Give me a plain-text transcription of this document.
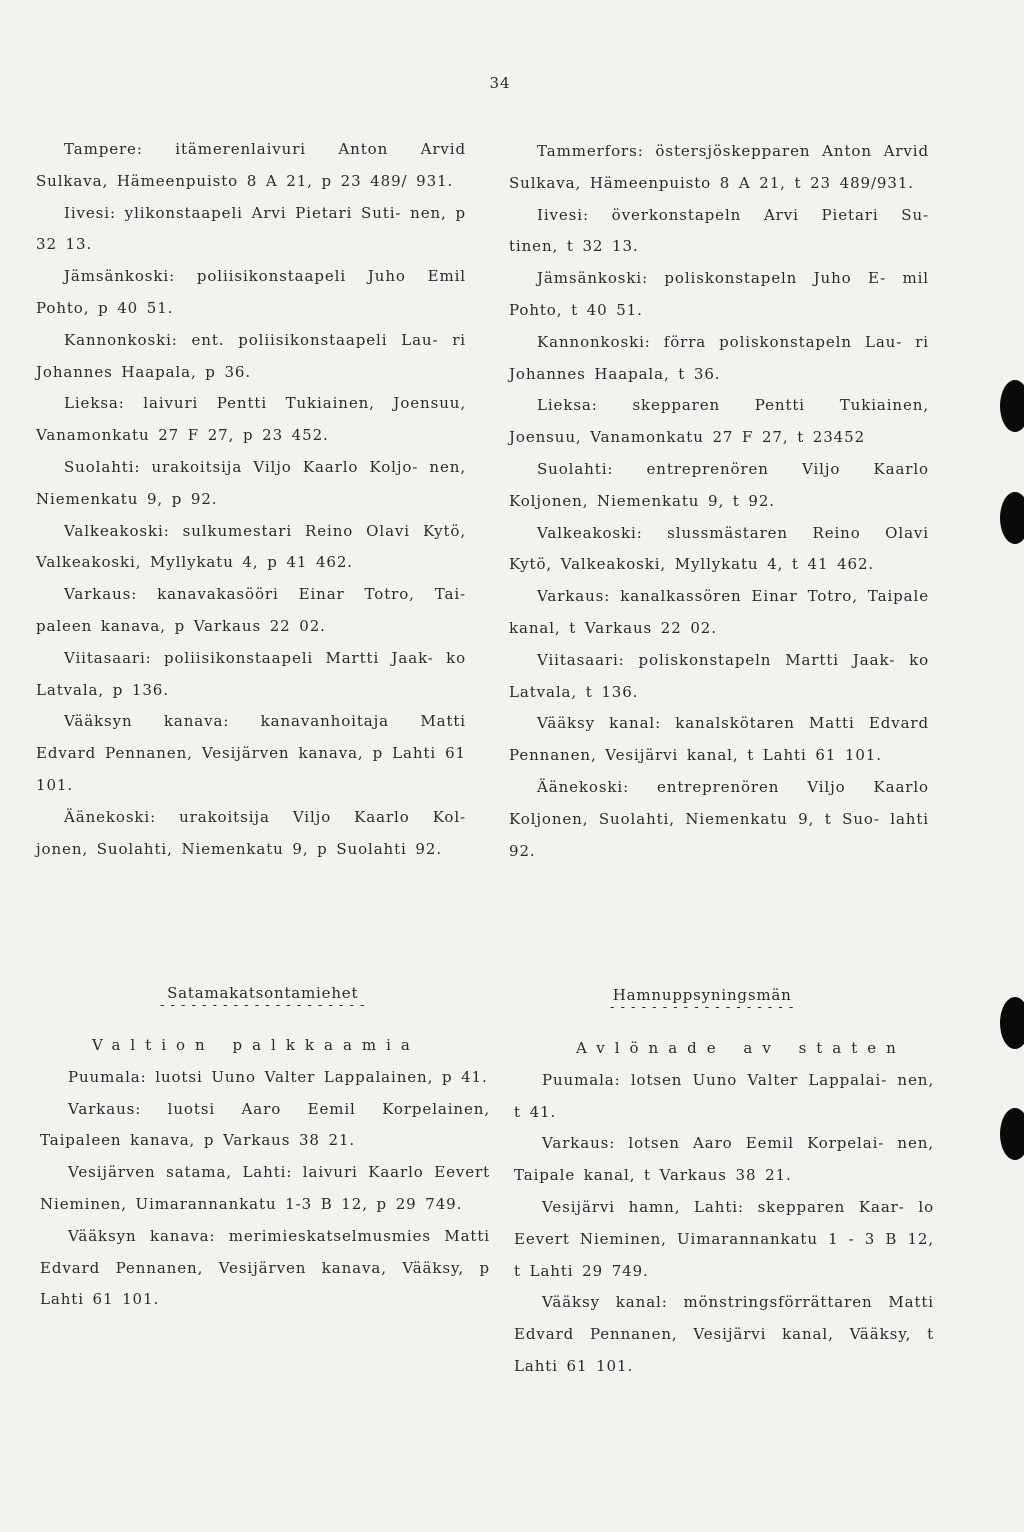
34

Tampere: itämerenlaivuri Anton Arvid Sulkava, Hämeenpuisto 8 A 21, p 23 489/ 931.

Iivesi: ylikonstaapeli Arvi Pietari Suti- nen, p 32 13.

Jämsänkoski: poliisikonstaapeli Juho Emil Pohto, p 40 51.

Kannonkoski: ent. poliisikonstaapeli Lau- ri Johannes Haapala, p 36.

Lieksa: laivuri Pentti Tukiainen, Joensuu, Vanamonkatu 27 F 27, p 23 452.

Suolahti: urakoitsija Viljo Kaarlo Koljo- nen, Niemenkatu 9, p 92.

Valkeakoski: sulkumestari Reino Olavi Kytö, Valkeakoski, Myllykatu 4, p 41 462.

Varkaus: kanavakasööri Einar Totro, Tai- paleen kanava, p Varkaus 22 02.

Viitasaari: poliisikonstaapeli Martti Jaak- ko Latvala, p 136.

Vääksyn kanava: kanavanhoitaja Matti Edvard Pennanen, Vesijärven kanava, p Lahti 61 101.

Äänekoski: urakoitsija Viljo Kaarlo Kol- jonen, Suolahti, Niemenkatu 9, p Suolahti 92.

Tammerfors: östersjöskepparen Anton Arvid Sulkava, Hämeenpuisto 8 A 21, t 23 489/931.

Iivesi: överkonstapeln Arvi Pietari Su- tinen, t 32 13.

Jämsänkoski: poliskonstapeln Juho E- mil Pohto, t 40 51.

Kannonkoski: förra poliskonstapeln Lau- ri Johannes Haapala, t 36.

Lieksa: skepparen Pentti Tukiainen, Joensuu, Vanamonkatu 27 F 27, t 23452

Suolahti: entreprenören Viljo Kaarlo Koljonen, Niemenkatu 9, t 92.

Valkeakoski: slussmästaren Reino Olavi Kytö, Valkeakoski, Myllykatu 4, t 41 462.

Varkaus: kanalkassören Einar Totro, Taipale kanal, t Varkaus 22 02.

Viitasaari: poliskonstapeln Martti Jaak- ko Latvala, t 136.

Vääksy kanal: kanalskötaren Matti Edvard Pennanen, Vesijärvi kanal, t Lahti 61 101.

Äänekoski: entreprenören Viljo Kaarlo Koljonen, Suolahti, Niemenkatu 9, t Suo- lahti 92.

Satamakatsontamiehet
- - - - - - - - - - - - - - - - - - - -
Hamnuppsyningsmän
- - - - - - - - - - - - - - - - - -

Valtion palkkaamia

Puumala: luotsi Uuno Valter Lappalainen, p 41.

Varkaus: luotsi Aaro Eemil Korpelainen, Taipaleen kanava, p Varkaus 38 21.

Vesijärven satama, Lahti: laivuri Kaarlo Eevert Nieminen, Uimarannankatu 1-3 B 12, p 29 749.

Vääksyn kanava: merimieskatselmusmies Matti Edvard Pennanen, Vesijärven kanava, Vääksy, p Lahti 61 101.

Avlönade av staten

Puumala: lotsen Uuno Valter Lappalai- nen, t 41.

Varkaus: lotsen Aaro Eemil Korpelai- nen, Taipale kanal, t Varkaus 38 21.

Vesijärvi hamn, Lahti: skepparen Kaar- lo Eevert Nieminen, Uimarannankatu 1 - 3 B 12, t Lahti 29 749.

Vääksy kanal: mönstringsförrättaren Matti Edvard Pennanen, Vesijärvi kanal, Vääksy, t Lahti 61 101.
